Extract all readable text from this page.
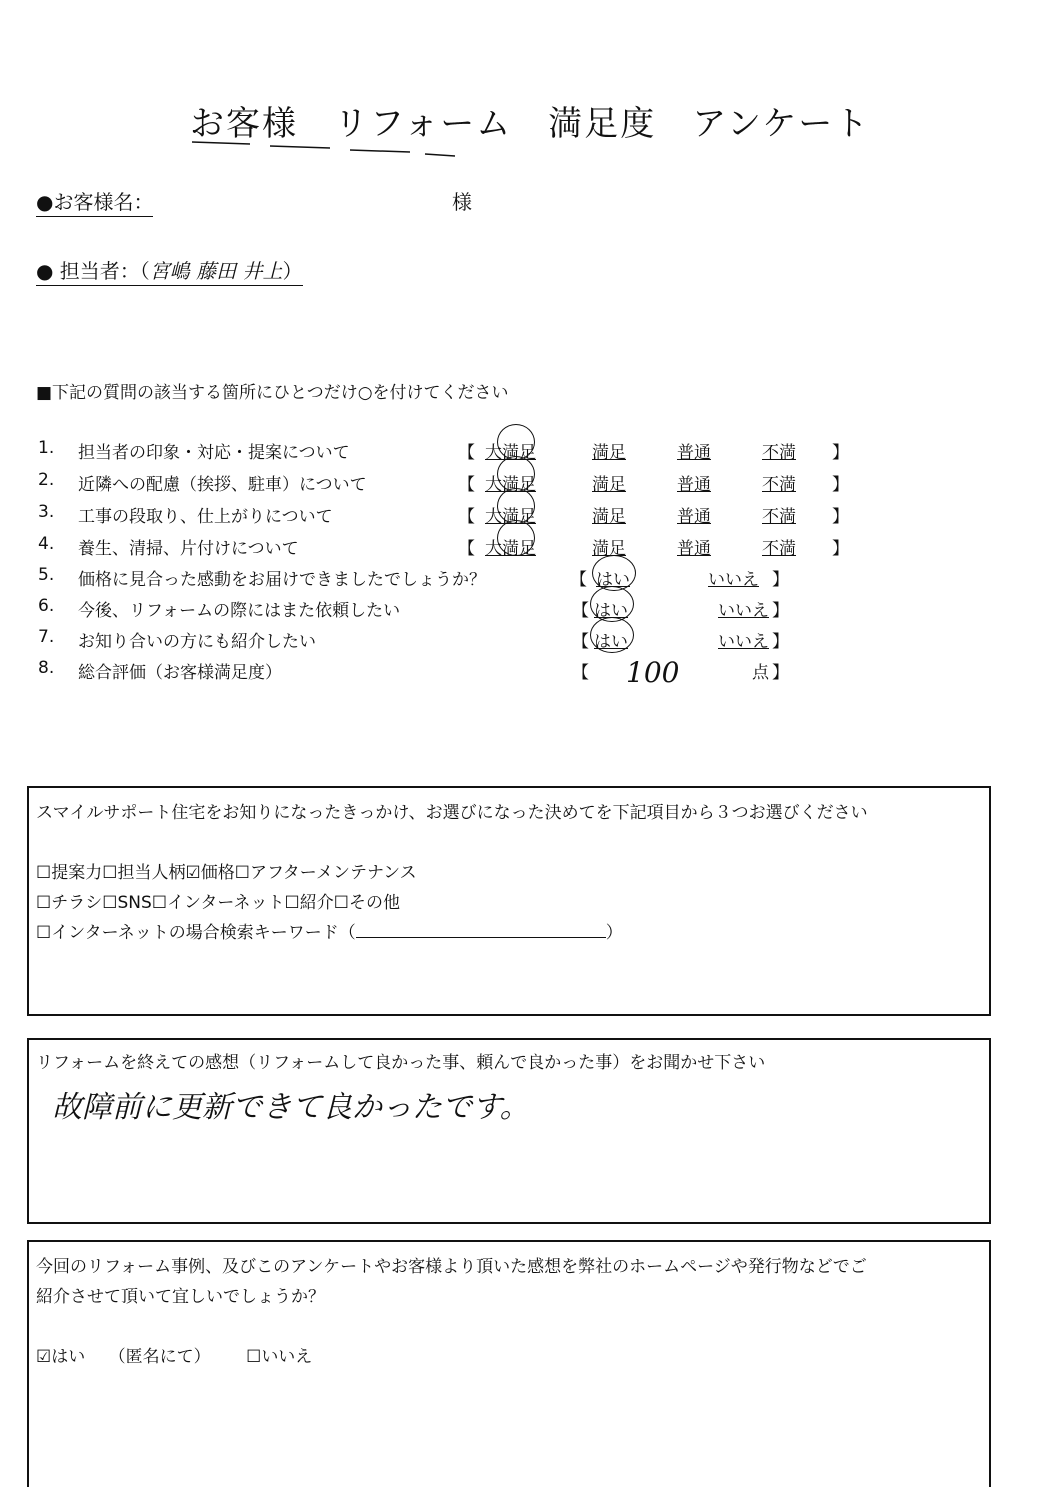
お客様　リフォーム　満足度　アンケート
●お客様名：	様
● 担当者：（宮嶋 藤田 井上）
■下記の質問の該当する箇所にひとつだけ○を付けてください
1. 担当者の印象・対応・提案について	【 大満足	満足	普通	不満 】
2. 近隣への配慮（挨拶、駐車）について	【 大満足	満足	普通	不満 】
3. 工事の段取り、仕上がりについて	【 大満足	満足	普通	不満 】
4. 養生、清掃、片付けについて	【 大満足	満足	普通	不満 】
5. 価格に見合った感動をお届けできましたでしょうか？	【 はい	いいえ 】
6. 今後、リフォームの際にはまた依頼したい	【 はい	いいえ 】
7. お知り合いの方にも紹介したい	【 はい	いいえ 】
8. 総合評価（お客様満足度）	【 100	点 】
スマイルサポート住宅をお知りになったきっかけ、お選びになった決めてを下記項目から３つお選びください
☐提案力☐担当人柄☑価格☐アフターメンテナンス
☐チラシ☐SNS☐インターネット☐紹介☐その他
☐インターネットの場合検索キーワード（	）
リフォームを終えての感想（リフォームして良かった事、頼んで良かった事）をお聞かせ下さい
故障前に更新できて良かったです。
今回のリフォーム事例、及びこのアンケートやお客様より頂いた感想を弊社のホームページや発行物などでご
紹介させて頂いて宜しいでしょうか？
☑はい （匿名にて） ☐いいえ
